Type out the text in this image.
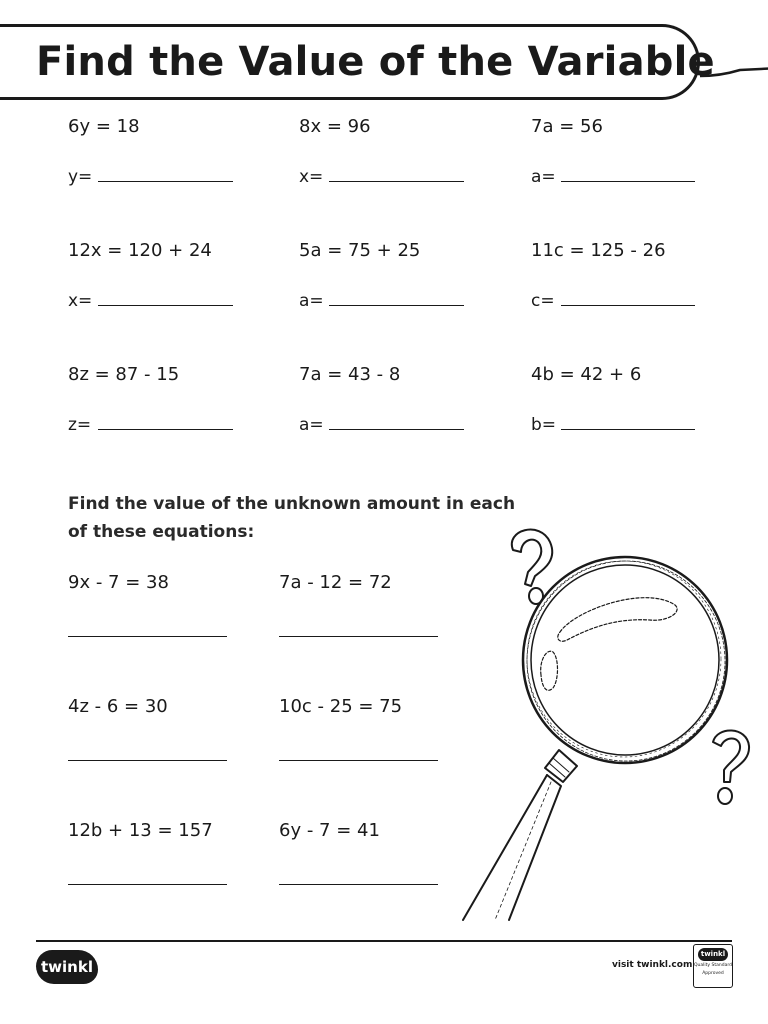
Find the Value of the Variable
6y = 18
y=
8x = 96
x=
7a = 56
a=
12x = 120 + 24
x=
5a = 75 + 25
a=
11c = 125 - 26
c=
8z = 87 - 15
z=
7a = 43 - 8
a=
4b = 42 + 6
b=
Find the value of the unknown amount in each of these equations:
9x - 7 = 38	7a - 12 = 72
4z - 6 = 30	10c - 25 = 75
12b + 13 = 157	6y - 7 = 41
twinkl	visit twinkl.com
twinkl
Quality Standard
Approved
